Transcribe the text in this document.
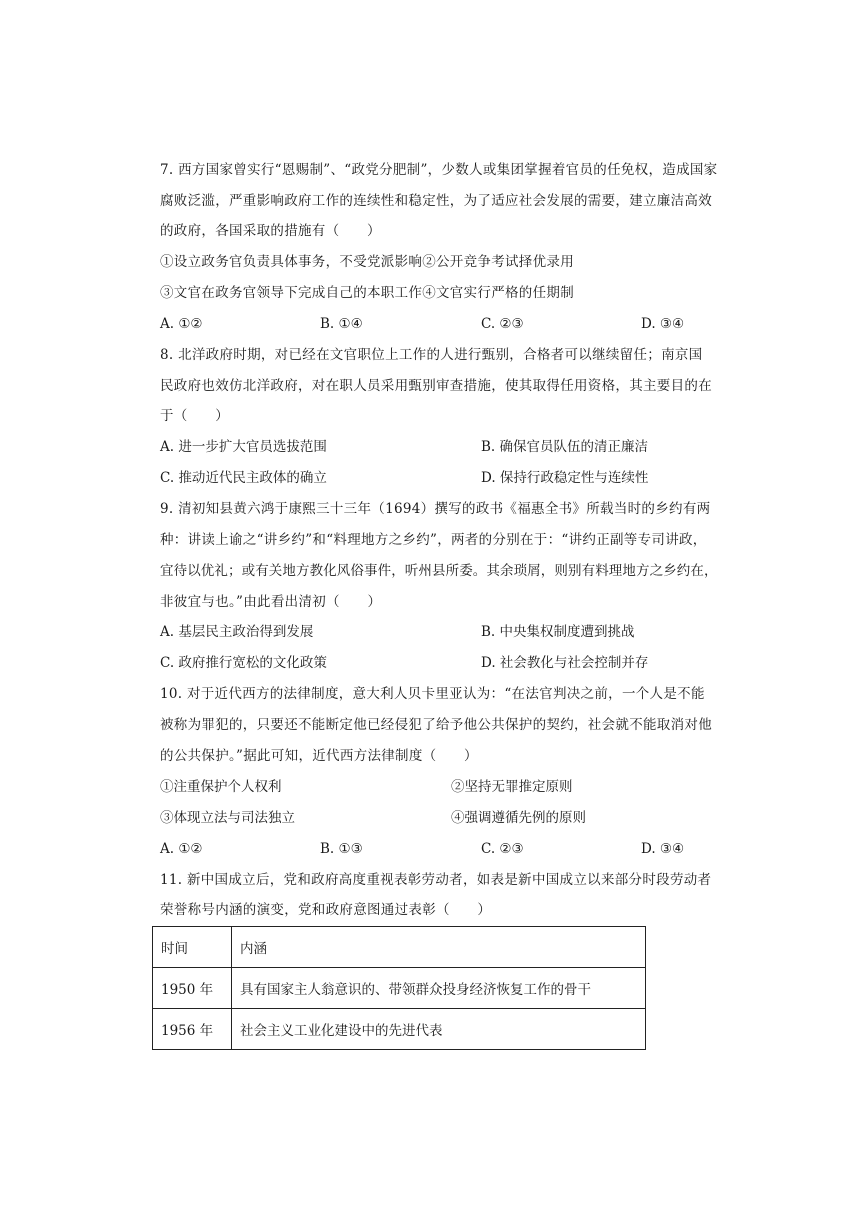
7. 西方国家曾实行“恩赐制”、“政党分肥制”，少数人或集团掌握着官员的任免权，造成国家
腐败泛滥，严重影响政府工作的连续性和稳定性，为了适应社会发展的需要，建立廉洁高效
的政府，各国采取的措施有（　　）
①设立政务官负责具体事务，不受党派影响②公开竞争考试择优录用
③文官在政务官领导下完成自己的本职工作④文官实行严格的任期制
A. ①②	B. ①④	C. ②③	D. ③④
8. 北洋政府时期，对已经在文官职位上工作的人进行甄别，合格者可以继续留任；南京国
民政府也效仿北洋政府，对在职人员采用甄别审查措施，使其取得任用资格，其主要目的在
于（　　）
A. 进一步扩大官员选拔范围	B. 确保官员队伍的清正廉洁
C. 推动近代民主政体的确立	D. 保持行政稳定性与连续性
9. 清初知县黄六鸿于康熙三十三年（1694）撰写的政书《福惠全书》所载当时的乡约有两
种：讲读上谕之“讲乡约”和“料理地方之乡约”，两者的分别在于：“讲约正副等专司讲政，
宜待以优礼；或有关地方教化风俗事件，听州县所委。其余琐屑，则别有料理地方之乡约在，
非彼宜与也。”由此看出清初（　　）
A. 基层民主政治得到发展	B. 中央集权制度遭到挑战
C. 政府推行宽松的文化政策	D. 社会教化与社会控制并存
10. 对于近代西方的法律制度，意大利人贝卡里亚认为：“在法官判决之前，一个人是不能
被称为罪犯的，只要还不能断定他已经侵犯了给予他公共保护的契约，社会就不能取消对他
的公共保护。”据此可知，近代西方法律制度（　　）
①注重保护个人权利	②坚持无罪推定原则
③体现立法与司法独立	④强调遵循先例的原则
A. ①②	B. ①③	C. ②③	D. ③④
11. 新中国成立后，党和政府高度重视表彰劳动者，如表是新中国成立以来部分时段劳动者
荣誉称号内涵的演变，党和政府意图通过表彰（　　）
时间	内涵
1950 年	具有国家主人翁意识的、带领群众投身经济恢复工作的骨干
1956 年	社会主义工业化建设中的先进代表
